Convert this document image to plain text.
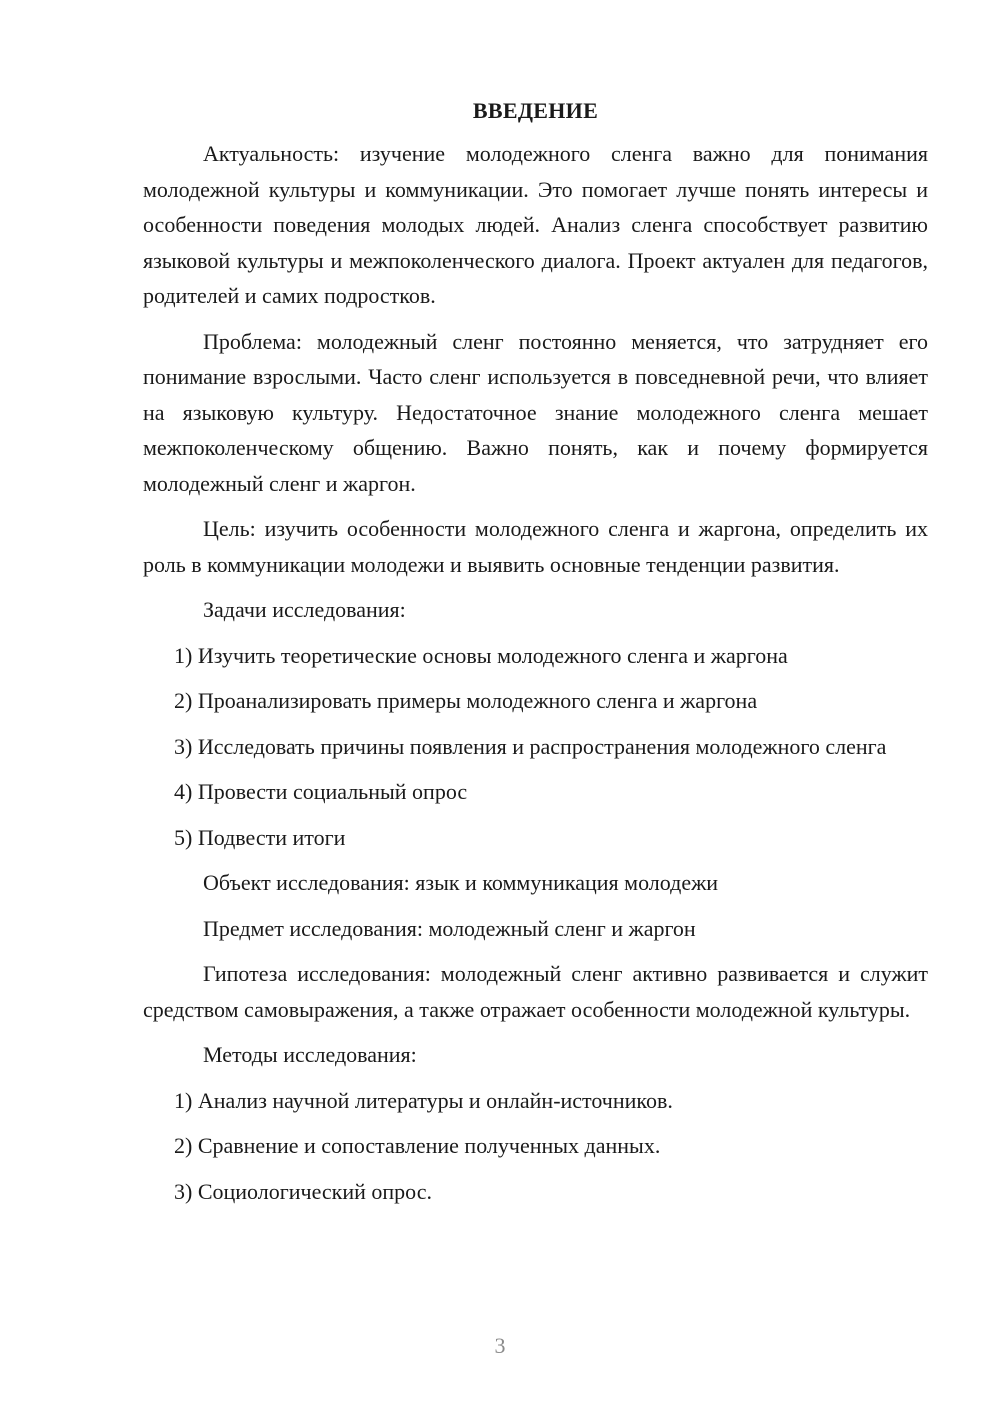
ВВЕДЕНИЕ

Актуальность: изучение молодежного сленга важно для понимания молодежной культуры и коммуникации. Это помогает лучше понять интересы и особенности поведения молодых людей. Анализ сленга способствует развитию языковой культуры и межпоколенческого диалога. Проект актуален для педагогов, родителей и самих подростков.

Проблема: молодежный сленг постоянно меняется, что затрудняет его понимание взрослыми. Часто сленг используется в повседневной речи, что влияет на языковую культуру. Недостаточное знание молодежного сленга мешает межпоколенческому общению. Важно понять, как и почему формируется молодежный сленг и жаргон.

Цель: изучить особенности молодежного сленга и жаргона, определить их роль в коммуникации молодежи и выявить основные тенденции развития.

Задачи исследования:

1) Изучить теоретические основы молодежного сленга и жаргона

2) Проанализировать примеры молодежного сленга и жаргона

3) Исследовать причины появления и распространения молодежного сленга

4) Провести социальный опрос

5) Подвести итоги

Объект исследования: язык и коммуникация молодежи

Предмет исследования: молодежный сленг и жаргон

Гипотеза исследования: молодежный сленг активно развивается и служит средством самовыражения, а также отражает особенности молодежной культуры.

Методы исследования:

1) Анализ научной литературы и онлайн-источников.

2) Сравнение и сопоставление полученных данных.

3) Социологический опрос.

3
